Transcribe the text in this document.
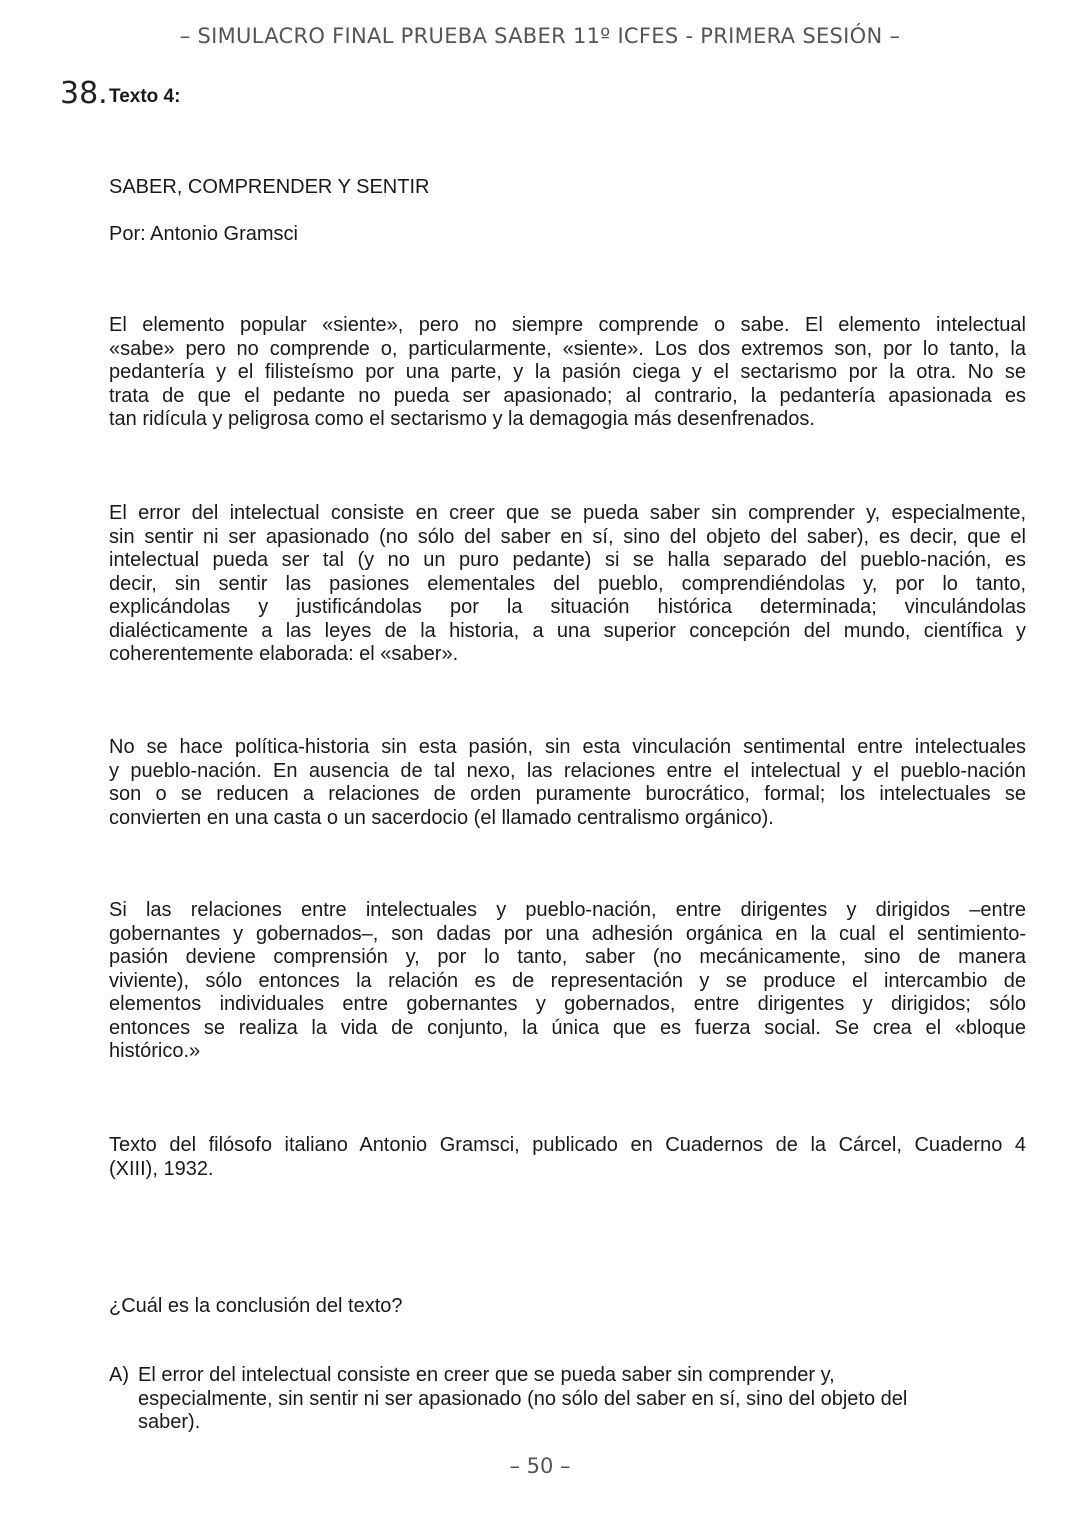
– SIMULACRO FINAL PRUEBA SABER 11º ICFES - PRIMERA SESIÓN –
38. Texto 4:
SABER, COMPRENDER Y SENTIR
Por: Antonio Gramsci
El elemento popular «siente», pero no siempre comprende o sabe. El elemento intelectual
«sabe» pero no comprende o, particularmente, «siente». Los dos extremos son, por lo tanto, la
pedantería y el filisteísmo por una parte, y la pasión ciega y el sectarismo por la otra. No se
trata de que el pedante no pueda ser apasionado; al contrario, la pedantería apasionada es
tan ridícula y peligrosa como el sectarismo y la demagogia más desenfrenados.
El error del intelectual consiste en creer que se pueda saber sin comprender y, especialmente,
sin sentir ni ser apasionado (no sólo del saber en sí, sino del objeto del saber), es decir, que el
intelectual pueda ser tal (y no un puro pedante) si se halla separado del pueblo-nación, es
decir, sin sentir las pasiones elementales del pueblo, comprendiéndolas y, por lo tanto,
explicándolas y justificándolas por la situación histórica determinada; vinculándolas
dialécticamente a las leyes de la historia, a una superior concepción del mundo, científica y
coherentemente elaborada: el «saber».
No se hace política-historia sin esta pasión, sin esta vinculación sentimental entre intelectuales
y pueblo-nación. En ausencia de tal nexo, las relaciones entre el intelectual y el pueblo-nación
son o se reducen a relaciones de orden puramente burocrático, formal; los intelectuales se
convierten en una casta o un sacerdocio (el llamado centralismo orgánico).
Si las relaciones entre intelectuales y pueblo-nación, entre dirigentes y dirigidos –entre
gobernantes y gobernados–, son dadas por una adhesión orgánica en la cual el sentimiento-
pasión deviene comprensión y, por lo tanto, saber (no mecánicamente, sino de manera
viviente), sólo entonces la relación es de representación y se produce el intercambio de
elementos individuales entre gobernantes y gobernados, entre dirigentes y dirigidos; sólo
entonces se realiza la vida de conjunto, la única que es fuerza social. Se crea el «bloque
histórico.»
Texto del filósofo italiano Antonio Gramsci, publicado en Cuadernos de la Cárcel, Cuaderno 4
(XIII), 1932.
¿Cuál es la conclusión del texto?
A) El error del intelectual consiste en creer que se pueda saber sin comprender y,
especialmente, sin sentir ni ser apasionado (no sólo del saber en sí, sino del objeto del
saber).
– 50 –
